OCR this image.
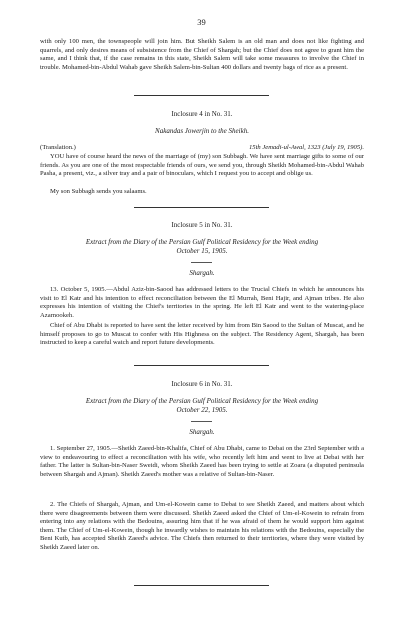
39

with only 100 men, the townspeople will join him. But Sheikh Salem is an old man and does not like fighting and quarrels, and only desires means of subsistence from the Chief of Shargah; but the Chief does not agree to grant him the same, and I think that, if the case remains in this state, Sheikh Salem will take some measures to involve the Chief in trouble. Mohamed-bin-Abdul Wahab gave Sheikh Salem-bin-Sultan 400 dollars and twenty bags of rice as a present.

Inclosure 4 in No. 31.
Nakandas Jowerjin to the Sheikh.
(Translation.)	15th Jemadi-ul-Awal, 1323 (July 19, 1905).

YOU have of course heard the news of the marriage of (my) son Subbagh. We have sent marriage gifts to some of our friends. As you are one of the most respectable friends of ours, we send you, through Sheikh Mohamed-bin-Abdul Wahab Pasha, a present, viz., a silver tray and a pair of binoculars, which I request you to accept and oblige us.

My son Subbagh sends you salaams.

Inclosure 5 in No. 31.

Extract from the Diary of the Persian Gulf Political Residency for the Week ending October 15, 1905.

Shargah.

13. October 5, 1905.—Abdul Aziz-bin-Saood has addressed letters to the Trucial Chiefs in which he announces his visit to El Katr and his intention to effect reconciliation between the El Murrah, Beni Hajir, and Ajman tribes. He also expresses his intention of visiting the Chief's territories in the spring. He left El Katr and went to the watering-place Azarnookeh.

Chief of Abu Dhabi is reported to have sent the letter received by him from Bin Saood to the Sultan of Muscat, and he himself proposes to go to Muscat to confer with His Highness on the subject. The Residency Agent, Shargah, has been instructed to keep a careful watch and report future developments.

Inclosure 6 in No. 31.

Extract from the Diary of the Persian Gulf Political Residency for the Week ending October 22, 1905.

Shargah.

1. September 27, 1905.—Sheikh Zaeed-bin-Khalifa, Chief of Abu Dhabi, came to Debai on the 23rd September with a view to endeavouring to effect a reconciliation with his wife, who recently left him and went to live at Debai with her father. The latter is Sultan-bin-Naser Sweidi, whom Sheikh Zaeed has been trying to settle at Zoara (a disputed peninsula between Shargah and Ajman). Sheikh Zaeed's mother was a relative of Sultan-bin-Naser.

2. The Chiefs of Shargah, Ajman, and Um-el-Kowein came to Debai to see Sheikh Zaeed, and matters about which there were disagreements between them were discussed. Sheikh Zaeed asked the Chief of Um-el-Kowein to refrain from entering into any relations with the Bedouins, assuring him that if he was afraid of them he would support him against them. The Chief of Um-el-Kowein, though he inwardly wishes to maintain his relations with the Bedouins, especially the Beni Kutb, has accepted Sheikh Zaeed's advice. The Chiefs then returned to their territories, where they were visited by Sheikh Zaeed later on.
